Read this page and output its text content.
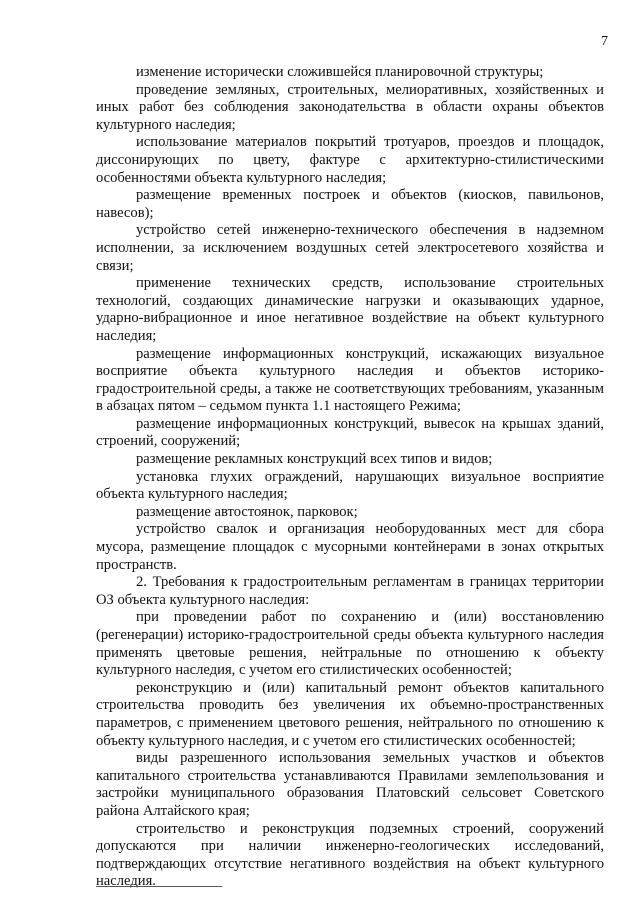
7

изменение исторически сложившейся планировочной структуры;

проведение земляных, строительных, мелиоративных, хозяйственных и иных работ без соблюдения законодательства в области охраны объектов культурного наследия;

использование материалов покрытий тротуаров, проездов и площадок, диссонирующих по цвету, фактуре с архитектурно-стилистическими особенностями объекта культурного наследия;

размещение временных построек и объектов (киосков, павильонов, навесов);

устройство сетей инженерно-технического обеспечения в надземном исполнении, за исключением воздушных сетей электросетевого хозяйства и связи;

применение технических средств, использование строительных технологий, создающих динамические нагрузки и оказывающих ударное, ударно-вибрационное и иное негативное воздействие на объект культурного наследия;

размещение информационных конструкций, искажающих визуальное восприятие объекта культурного наследия и объектов историко-градостроительной среды, а также не соответствующих требованиям, указанным в абзацах пятом – седьмом пункта 1.1 настоящего Режима;

размещение информационных конструкций, вывесок на крышах зданий, строений, сооружений;

размещение рекламных конструкций всех типов и видов;

установка глухих ограждений, нарушающих визуальное восприятие объекта культурного наследия;

размещение автостоянок, парковок;

устройство свалок и организация необорудованных мест для сбора мусора, размещение площадок с мусорными контейнерами в зонах открытых пространств.

2. Требования к градостроительным регламентам в границах территории ОЗ объекта культурного наследия:

при проведении работ по сохранению и (или) восстановлению (регенерации) историко-градостроительной среды объекта культурного наследия применять цветовые решения, нейтральные по отношению к объекту культурного наследия, с учетом его стилистических особенностей;

реконструкцию и (или) капитальный ремонт объектов капитального строительства проводить без увеличения их объемно-пространственных параметров, с применением цветового решения, нейтрального по отношению к объекту культурного наследия, и с учетом его стилистических особенностей;

виды разрешенного использования земельных участков и объектов капитального строительства устанавливаются Правилами землепользования и застройки муниципального образования Платовский сельсовет Советского района Алтайского края;

строительство и реконструкция подземных строений, сооружений допускаются при наличии инженерно-геологических исследований, подтверждающих отсутствие негативного воздействия на объект культурного наследия.
